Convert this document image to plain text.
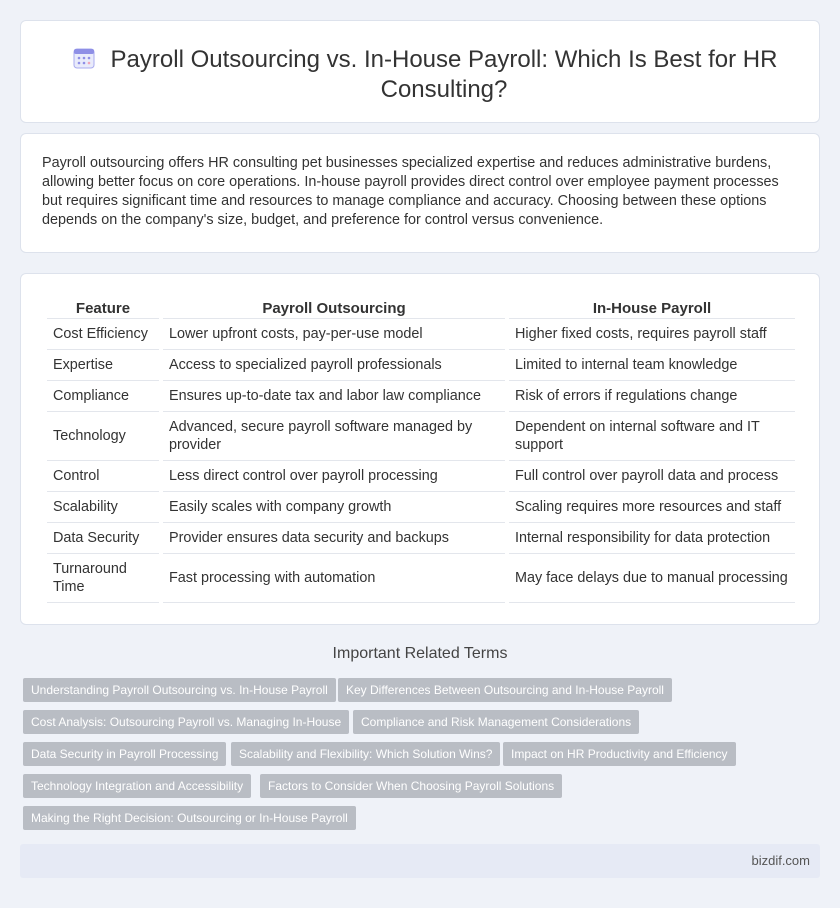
Payroll Outsourcing vs. In-House Payroll: Which Is Best for HR Consulting?

Payroll outsourcing offers HR consulting pet businesses specialized expertise and reduces administrative burdens, allowing better focus on core operations. In-house payroll provides direct control over employee payment processes but requires significant time and resources to manage compliance and accuracy. Choosing between these options depends on the company's size, budget, and preference for control versus convenience.

Feature	Payroll Outsourcing	In-House Payroll
Cost Efficiency	Lower upfront costs, pay-per-use model	Higher fixed costs, requires payroll staff
Expertise	Access to specialized payroll professionals	Limited to internal team knowledge
Compliance	Ensures up-to-date tax and labor law compliance	Risk of errors if regulations change
Technology	Advanced, secure payroll software managed by provider	Dependent on internal software and IT support
Control	Less direct control over payroll processing	Full control over payroll data and process
Scalability	Easily scales with company growth	Scaling requires more resources and staff
Data Security	Provider ensures data security and backups	Internal responsibility for data protection
Turnaround Time	Fast processing with automation	May face delays due to manual processing
Important Related Terms
Understanding Payroll Outsourcing vs. In-House Payroll	Key Differences Between Outsourcing and In-House Payroll
Cost Analysis: Outsourcing Payroll vs. Managing In-House	Compliance and Risk Management Considerations
Data Security in Payroll Processing	Scalability and Flexibility: Which Solution Wins?	Impact on HR Productivity and Efficiency
Technology Integration and Accessibility	Factors to Consider When Choosing Payroll Solutions
Making the Right Decision: Outsourcing or In-House Payroll
bizdif.com
